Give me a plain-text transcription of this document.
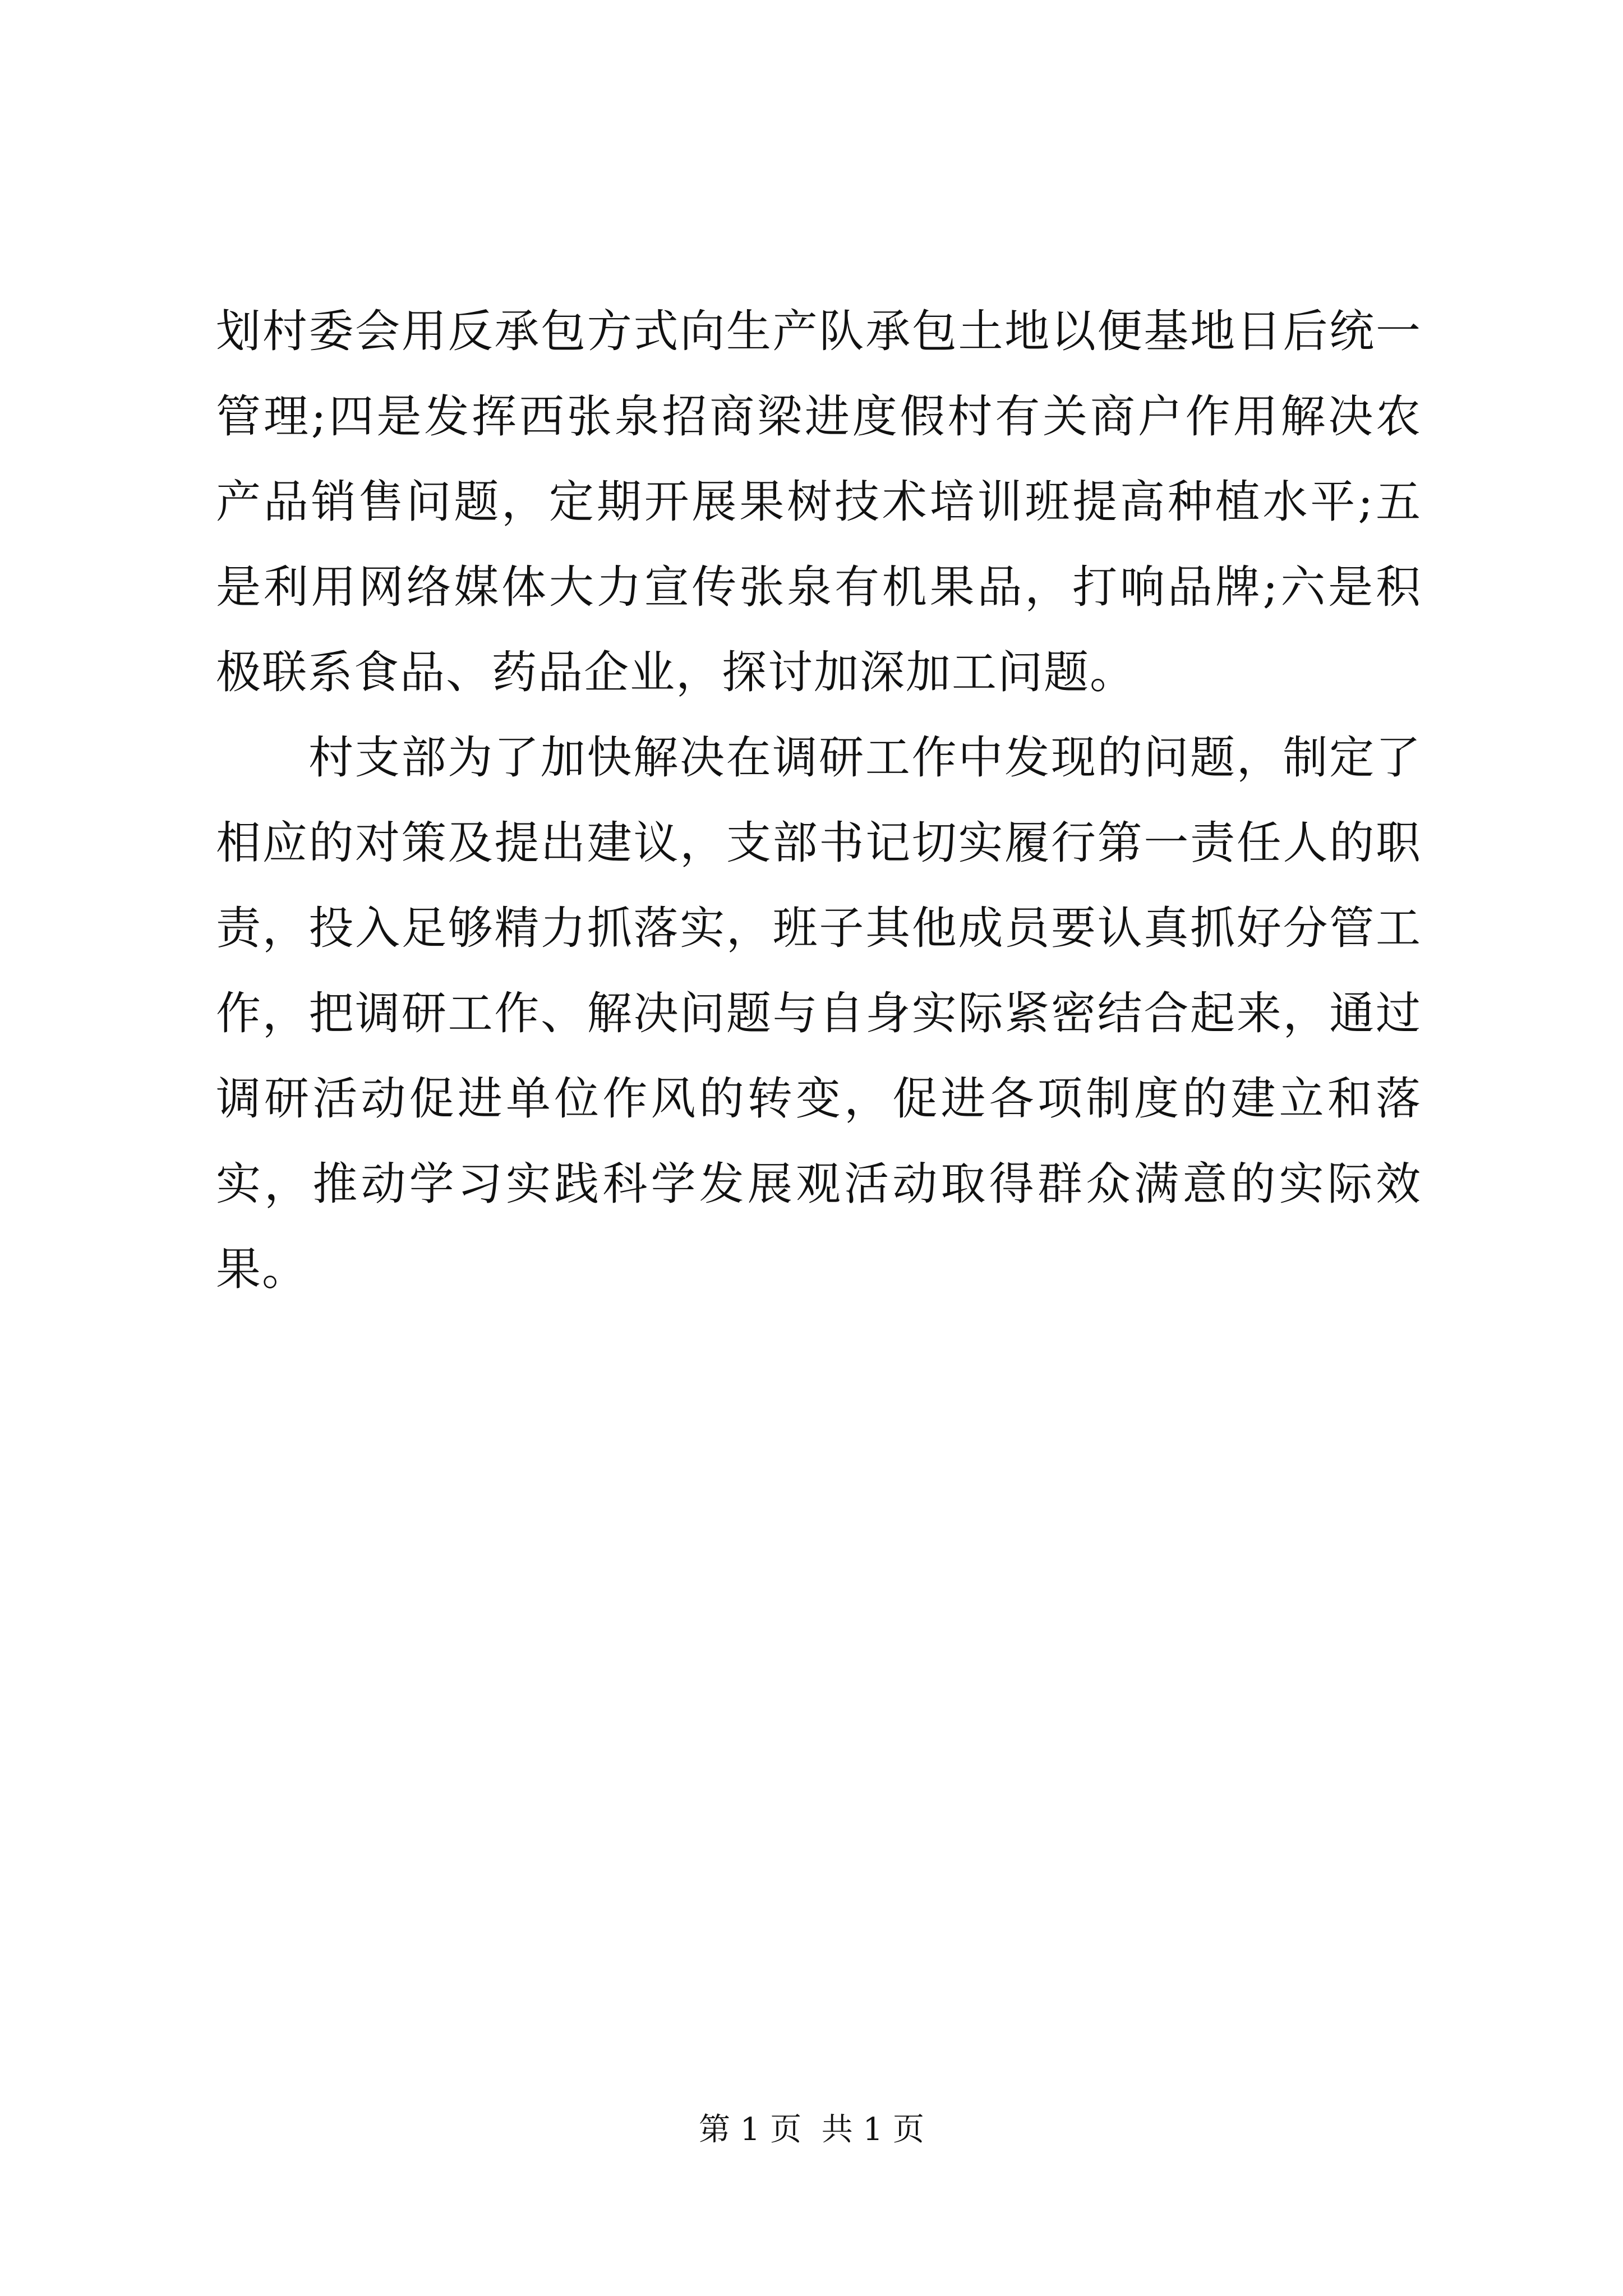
划村委会用反承包方式向生产队承包土地以便基地日后统一管理;四是发挥西张泉招商梁进度假村有关商户作用解决农产品销售问题，定期开展果树技术培训班提高种植水平;五是利用网络媒体大力宣传张泉有机果品，打响品牌;六是积极联系食品、药品企业，探讨加深加工问题。

村支部为了加快解决在调研工作中发现的问题，制定了相应的对策及提出建议，支部书记切实履行第一责任人的职责，投入足够精力抓落实，班子其他成员要认真抓好分管工作，把调研工作、解决问题与自身实际紧密结合起来，通过调研活动促进单位作风的转变，促进各项制度的建立和落实，推动学习实践科学发展观活动取得群众满意的实际效果。

第 1 页  共 1 页
